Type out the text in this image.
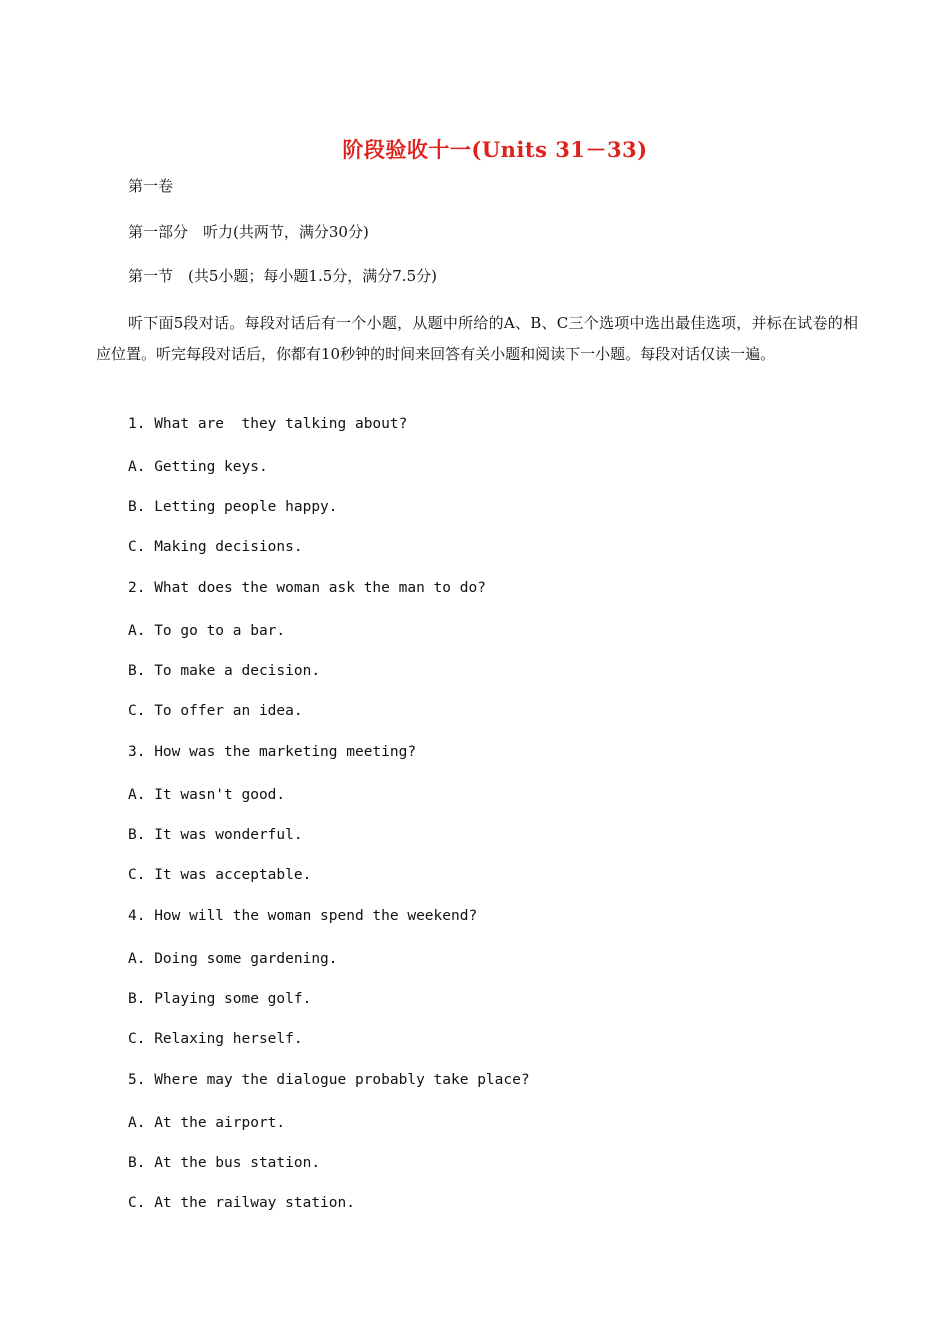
阶段验收十一(Units 31－33)
第一卷
第一部分　听力(共两节，满分30分)
第一节　(共5小题；每小题1.5分，满分7.5分)
听下面5段对话。每段对话后有一个小题，从题中所给的A、B、C三个选项中选出最佳选项，并标在试卷的相应位置。听完每段对话后，你都有10秒钟的时间来回答有关小题和阅读下一小题。每段对话仅读一遍。
1. What are  they talking about?
A. Getting keys.
B. Letting people happy.
C. Making decisions.
2. What does the woman ask the man to do?
A. To go to a bar.
B. To make a decision.
C. To offer an idea.
3. How was the marketing meeting?
A. It wasn't good.
B. It was wonderful.
C. It was acceptable.
4. How will the woman spend the weekend?
A. Doing some gardening.
B. Playing some golf.
C. Relaxing herself.
5. Where may the dialogue probably take place?
A. At the airport.
B. At the bus station.
C. At the railway station.
